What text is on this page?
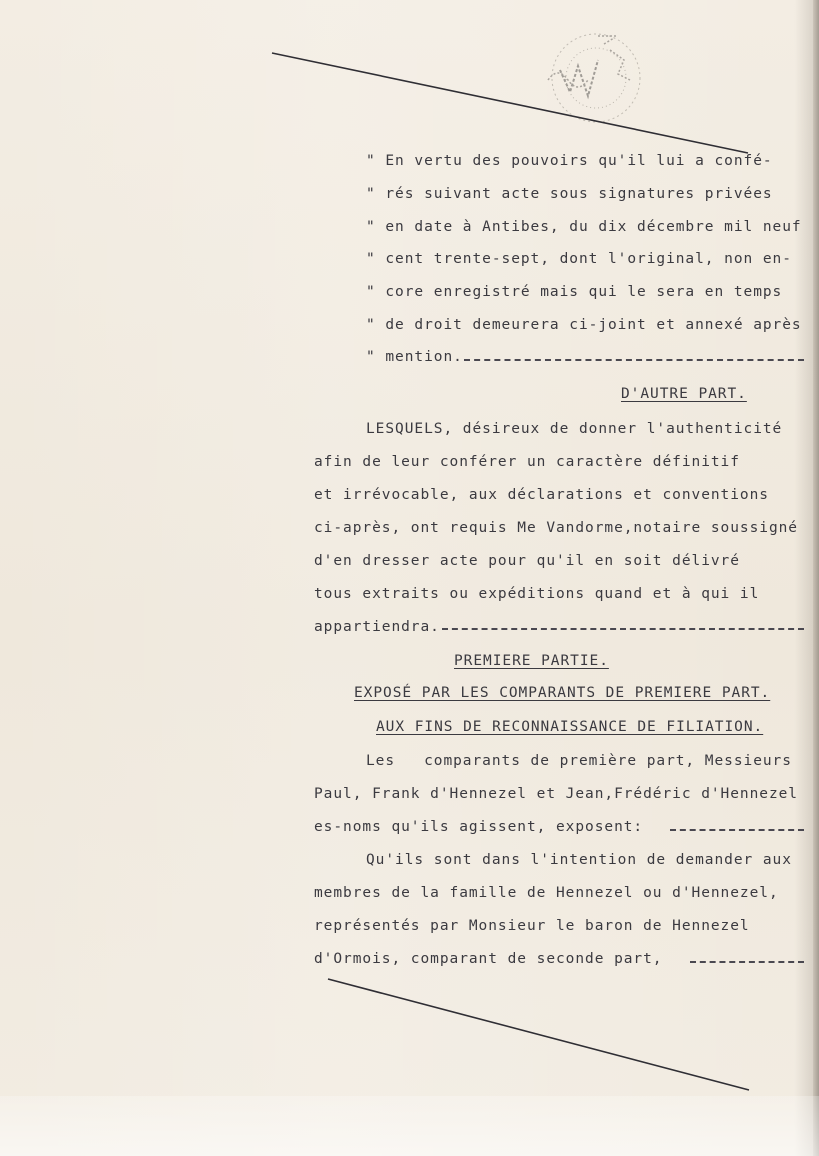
" En vertu des pouvoirs qu'il lui a confé-
" rés suivant acte sous signatures privées
" en date à Antibes, du dix décembre mil neuf
" cent trente-sept, dont l'original, non en-
" core enregistré mais qui le sera en temps
" de droit demeurera ci-joint et annexé après
" mention.
D'AUTRE PART.
LESQUELS, désireux de donner l'authenticité
afin de leur conférer un caractère définitif
et irrévocable, aux déclarations et conventions
ci-après, ont requis Me Vandorme,notaire soussigné
d'en dresser acte pour qu'il en soit délivré
tous extraits ou expéditions quand et à qui il
appartiendra.
PREMIERE PARTIE.
EXPOSÉ PAR LES COMPARANTS DE PREMIERE PART.
AUX FINS DE RECONNAISSANCE DE FILIATION.
Les   comparants de première part, Messieurs
Paul, Frank d'Hennezel et Jean,Frédéric d'Hennezel
es-noms qu'ils agissent, exposent:
Qu'ils sont dans l'intention de demander aux
membres de la famille de Hennezel ou d'Hennezel,
représentés par Monsieur le baron de Hennezel
d'Ormois, comparant de seconde part,
